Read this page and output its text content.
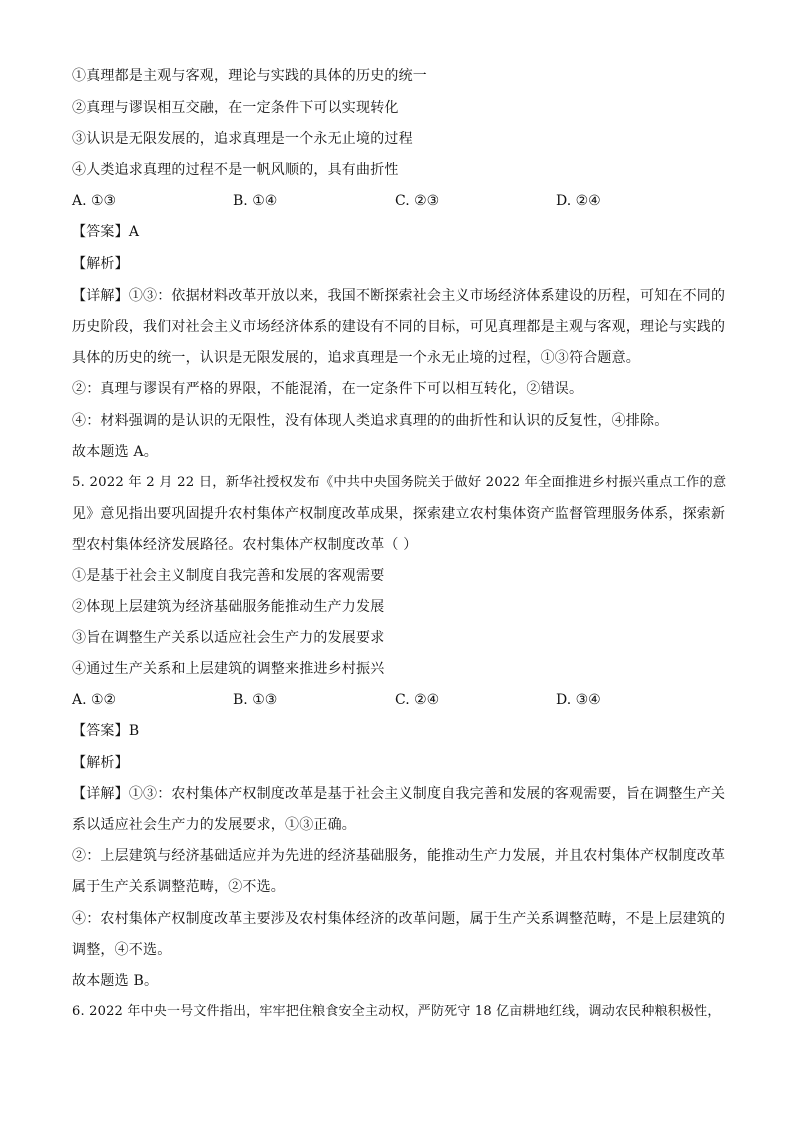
①真理都是主观与客观，理论与实践的具体的历史的统一
②真理与谬误相互交融，在一定条件下可以实现转化
③认识是无限发展的，追求真理是一个永无止境的过程
④人类追求真理的过程不是一帆风顺的，具有曲折性
A. ①③	B. ①④	C. ②③	D. ②④
【答案】A
【解析】
【详解】①③：依据材料改革开放以来，我国不断探索社会主义市场经济体系建设的历程，可知在不同的
历史阶段，我们对社会主义市场经济体系的建设有不同的目标，可见真理都是主观与客观，理论与实践的
具体的历史的统一，认识是无限发展的，追求真理是一个永无止境的过程，①③符合题意。
②：真理与谬误有严格的界限，不能混淆，在一定条件下可以相互转化，②错误。
④：材料强调的是认识的无限性，没有体现人类追求真理的的曲折性和认识的反复性，④排除。
故本题选 A。
5. 2022 年 2 月 22 日，新华社授权发布《中共中央国务院关于做好 2022 年全面推进乡村振兴重点工作的意
见》意见指出要巩固提升农村集体产权制度改革成果，探索建立农村集体资产监督管理服务体系，探索新
型农村集体经济发展路径。农村集体产权制度改革（ ）
①是基于社会主义制度自我完善和发展的客观需要
②体现上层建筑为经济基础服务能推动生产力发展
③旨在调整生产关系以适应社会生产力的发展要求
④通过生产关系和上层建筑的调整来推进乡村振兴
A. ①②	B. ①③	C. ②④	D. ③④
【答案】B
【解析】
【详解】①③：农村集体产权制度改革是基于社会主义制度自我完善和发展的客观需要，旨在调整生产关
系以适应社会生产力的发展要求，①③正确。
②：上层建筑与经济基础适应并为先进的经济基础服务，能推动生产力发展，并且农村集体产权制度改革
属于生产关系调整范畴，②不选。
④：农村集体产权制度改革主要涉及农村集体经济的改革问题，属于生产关系调整范畴，不是上层建筑的
调整，④不选。
故本题选 B。
6. 2022 年中央一号文件指出，牢牢把住粮食安全主动权，严防死守 18 亿亩耕地红线，调动农民种粮积极性，
